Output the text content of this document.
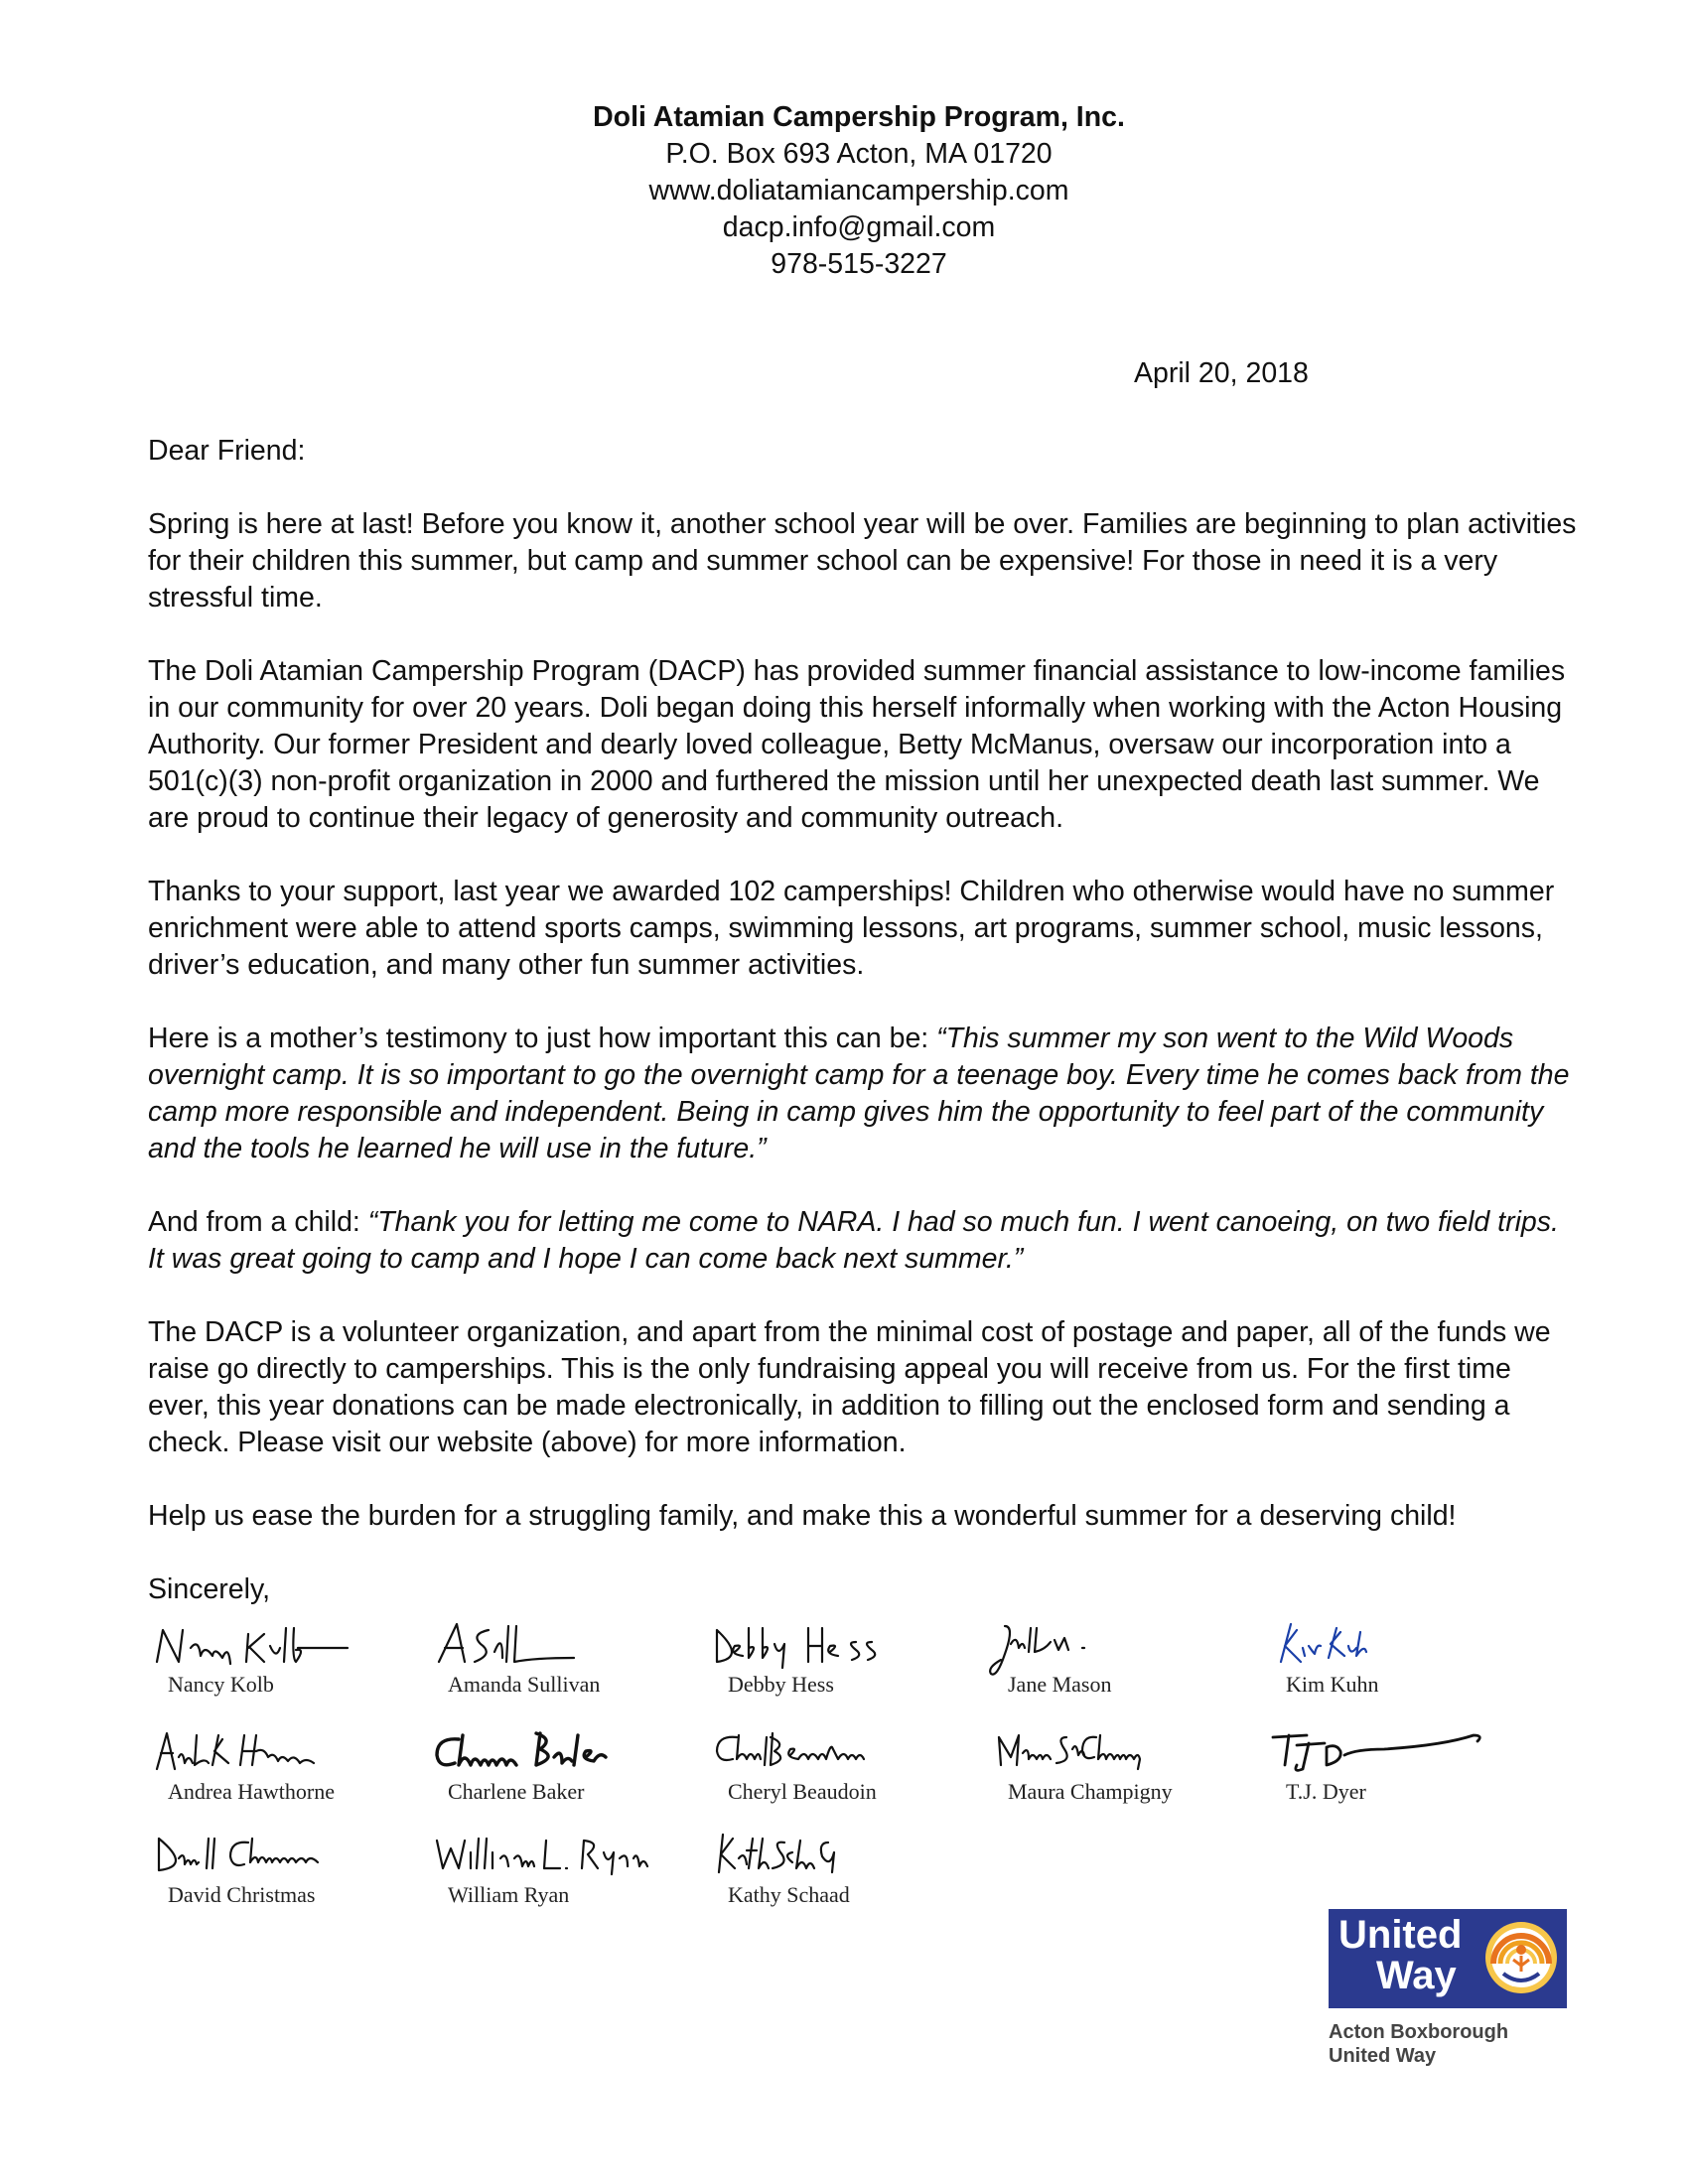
Doli Atamian Campership Program, Inc.
P.O. Box 693 Acton, MA 01720
www.doliatamiancampership.com
dacp.info@gmail.com
978-515-3227
April 20, 2018

Dear Friend:

Spring is here at last! Before you know it, another school year will be over. Families are beginning to plan activities for their children this summer, but camp and summer school can be expensive! For those in need it is a very stressful time.

The Doli Atamian Campership Program (DACP) has provided summer financial assistance to low-income families in our community for over 20 years. Doli began doing this herself informally when working with the Acton Housing Authority. Our former President and dearly loved colleague, Betty McManus, oversaw our incorporation into a 501(c)(3) non-profit organization in 2000 and furthered the mission until her unexpected death last summer. We are proud to continue their legacy of generosity and community outreach.

Thanks to your support, last year we awarded 102 camperships! Children who otherwise would have no summer enrichment were able to attend sports camps, swimming lessons, art programs, summer school, music lessons, driver’s education, and many other fun summer activities.

Here is a mother’s testimony to just how important this can be: “This summer my son went to the Wild Woods overnight camp. It is so important to go the overnight camp for a teenage boy. Every time he comes back from the camp more responsible and independent. Being in camp gives him the opportunity to feel part of the community and the tools he learned he will use in the future.”

And from a child: “Thank you for letting me come to NARA. I had so much fun. I went canoeing, on two field trips. It was great going to camp and I hope I can come back next summer.”

The DACP is a volunteer organization, and apart from the minimal cost of postage and paper, all of the funds we raise go directly to camperships. This is the only fundraising appeal you will receive from us. For the first time ever, this year donations can be made electronically, in addition to filling out the enclosed form and sending a check. Please visit our website (above) for more information.

Help us ease the burden for a struggling family, and make this a wonderful summer for a deserving child!

Sincerely,

Nancy Kolb	Amanda Sullivan	Debby Hess	Jane Mason	Kim Kuhn
Andrea Hawthorne	Charlene Baker	Cheryl Beaudoin	Maura Champigny	T.J. Dyer
David Christmas	William Ryan	Kathy Schaad
United
Way
Acton Boxborough
United Way
